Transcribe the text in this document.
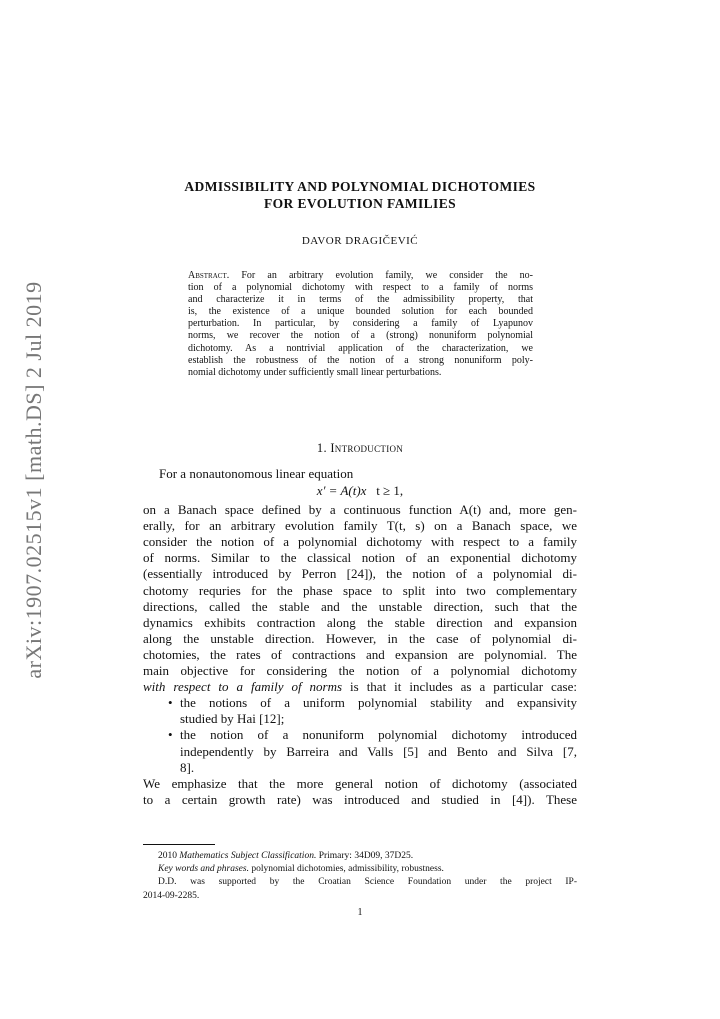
arXiv:1907.02515v1 [math.DS] 2 Jul 2019
ADMISSIBILITY AND POLYNOMIAL DICHOTOMIES
FOR EVOLUTION FAMILIES
DAVOR DRAGIČEVIĆ
Abstract. For an arbitrary evolution family, we consider the no-
tion of a polynomial dichotomy with respect to a family of norms
and characterize it in terms of the admissibility property, that
is, the existence of a unique bounded solution for each bounded
perturbation. In particular, by considering a family of Lyapunov
norms, we recover the notion of a (strong) nonuniform polynomial
dichotomy. As a nontrivial application of the characterization, we
establish the robustness of the notion of a strong nonuniform poly-
nomial dichotomy under sufficiently small linear perturbations.
1. Introduction
For a nonautonomous linear equation
x′ = A(t)x t ≥ 1,
on a Banach space defined by a continuous function A(t) and, more gen-
erally, for an arbitrary evolution family T(t, s) on a Banach space, we
consider the notion of a polynomial dichotomy with respect to a family
of norms. Similar to the classical notion of an exponential dichotomy
(essentially introduced by Perron [24]), the notion of a polynomial di-
chotomy requries for the phase space to split into two complementary
directions, called the stable and the unstable direction, such that the
dynamics exhibits contraction along the stable direction and expansion
along the unstable direction. However, in the case of polynomial di-
chotomies, the rates of contractions and expansion are polynomial. The
main objective for considering the notion of a polynomial dichotomy
with respect to a family of norms is that it includes as a particular case:
• the notions of a uniform polynomial stability and expansivity
studied by Hai [12];
• the notion of a nonuniform polynomial dichotomy introduced
independently by Barreira and Valls [5] and Bento and Silva [7,
8].
We emphasize that the more general notion of dichotomy (associated
to a certain growth rate) was introduced and studied in [4]). These
2010 Mathematics Subject Classification. Primary: 34D09, 37D25.
Key words and phrases. polynomial dichotomies, admissibility, robustness.
D.D. was supported by the Croatian Science Foundation under the project IP-
2014-09-2285.
1
